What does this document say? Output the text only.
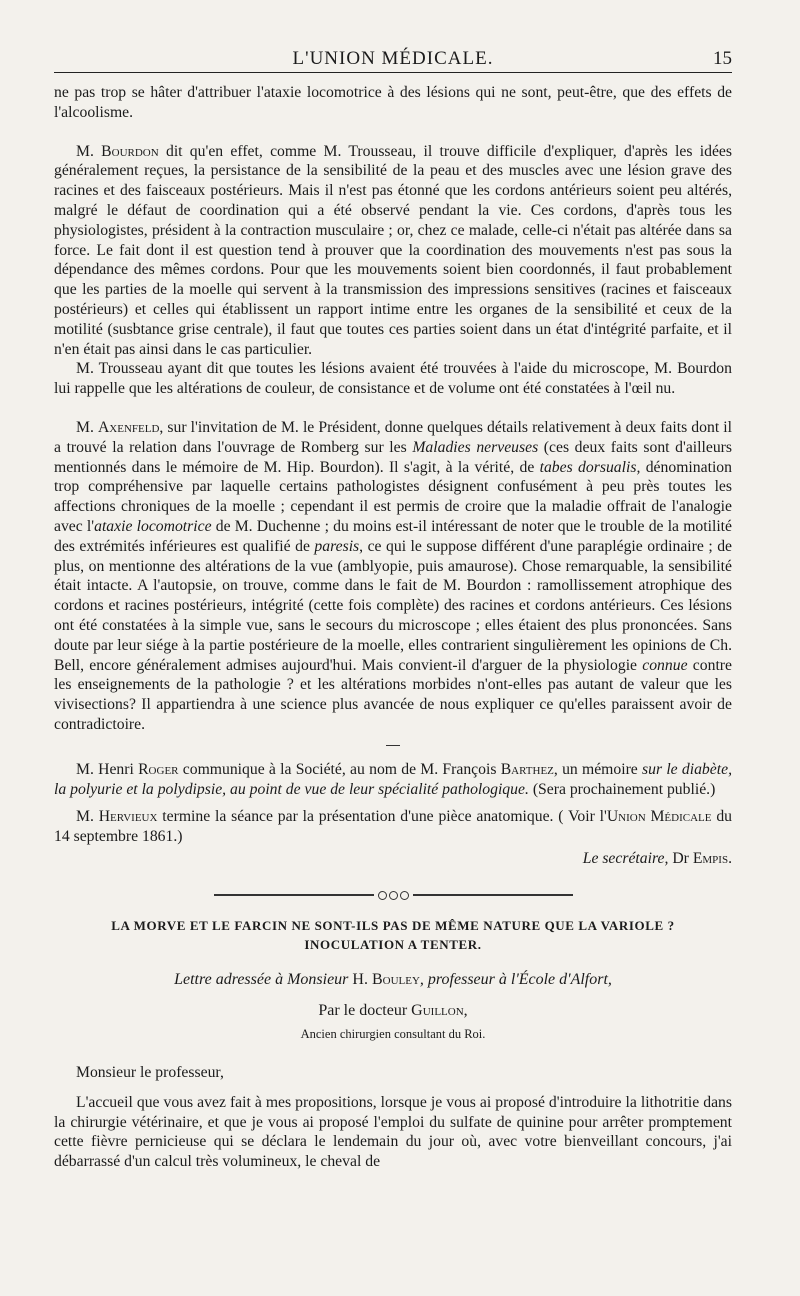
L'UNION MÉDICALE.	15

ne pas trop se hâter d'attribuer l'ataxie locomotrice à des lésions qui ne sont, peut-être, que des effets de l'alcoolisme.

M. Bourdon dit qu'en effet, comme M. Trousseau, il trouve difficile d'expliquer, d'après les idées généralement reçues, la persistance de la sensibilité de la peau et des muscles avec une lésion grave des racines et des faisceaux postérieurs. Mais il n'est pas étonné que les cordons antérieurs soient peu altérés, malgré le défaut de coordination qui a été observé pendant la vie. Ces cordons, d'après tous les physiologistes, président à la contraction musculaire ; or, chez ce malade, celle-ci n'était pas altérée dans sa force. Le fait dont il est question tend à prouver que la coordination des mouvements n'est pas sous la dépendance des mêmes cordons. Pour que les mouvements soient bien coordonnés, il faut probablement que les parties de la moelle qui servent à la transmission des impressions sensitives (racines et faisceaux postérieurs) et celles qui établissent un rapport intime entre les organes de la sensibilité et ceux de la motilité (susbtance grise centrale), il faut que toutes ces parties soient dans un état d'intégrité parfaite, et il n'en était pas ainsi dans le cas particulier.

M. Trousseau ayant dit que toutes les lésions avaient été trouvées à l'aide du microscope, M. Bourdon lui rappelle que les altérations de couleur, de consistance et de volume ont été constatées à l'œil nu.

M. Axenfeld, sur l'invitation de M. le Président, donne quelques détails relativement à deux faits dont il a trouvé la relation dans l'ouvrage de Romberg sur les Maladies nerveuses (ces deux faits sont d'ailleurs mentionnés dans le mémoire de M. Hip. Bourdon). Il s'agit, à la vérité, de tabes dorsualis, dénomination trop compréhensive par laquelle certains pathologistes désignent confusément à peu près toutes les affections chroniques de la moelle ; cependant il est permis de croire que la maladie offrait de l'analogie avec l'ataxie locomotrice de M. Duchenne ; du moins est-il intéressant de noter que le trouble de la motilité des extrémités inférieures est qualifié de paresis, ce qui le suppose différent d'une paraplégie ordinaire ; de plus, on mentionne des altérations de la vue (amblyopie, puis amaurose). Chose remarquable, la sensibilité était intacte. A l'autopsie, on trouve, comme dans le fait de M. Bourdon : ramollissement atrophique des cordons et racines postérieurs, intégrité (cette fois complète) des racines et cordons antérieurs. Ces lésions ont été constatées à la simple vue, sans le secours du microscope ; elles étaient des plus prononcées. Sans doute par leur siége à la partie postérieure de la moelle, elles contrarient singulièrement les opinions de Ch. Bell, encore généralement admises aujourd'hui. Mais convient-il d'arguer de la physiologie connue contre les enseignements de la pathologie ? et les altérations morbides n'ont-elles pas autant de valeur que les vivisections? Il appartiendra à une science plus avancée de nous expliquer ce qu'elles paraissent avoir de contradictoire.

M. Henri Roger communique à la Société, au nom de M. François Barthez, un mémoire sur le diabète, la polyurie et la polydipsie, au point de vue de leur spécialité pathologique. (Sera prochainement publié.)

M. Hervieux termine la séance par la présentation d'une pièce anatomique. ( Voir l'Union Médicale du 14 septembre 1861.)

Le secrétaire, Dr Empis.

LA MORVE ET LE FARCIN NE SONT-ILS PAS DE MÊME NATURE QUE LA VARIOLE ?
INOCULATION A TENTER.
Lettre adressée à Monsieur H. Bouley, professeur à l'École d'Alfort,
Par le docteur Guillon,
Ancien chirurgien consultant du Roi.

Monsieur le professeur,

L'accueil que vous avez fait à mes propositions, lorsque je vous ai proposé d'introduire la lithotritie dans la chirurgie vétérinaire, et que je vous ai proposé l'emploi du sulfate de quinine pour arrêter promptement cette fièvre pernicieuse qui se déclara le lendemain du jour où, avec votre bienveillant concours, j'ai débarrassé d'un calcul très volumineux, le cheval de
